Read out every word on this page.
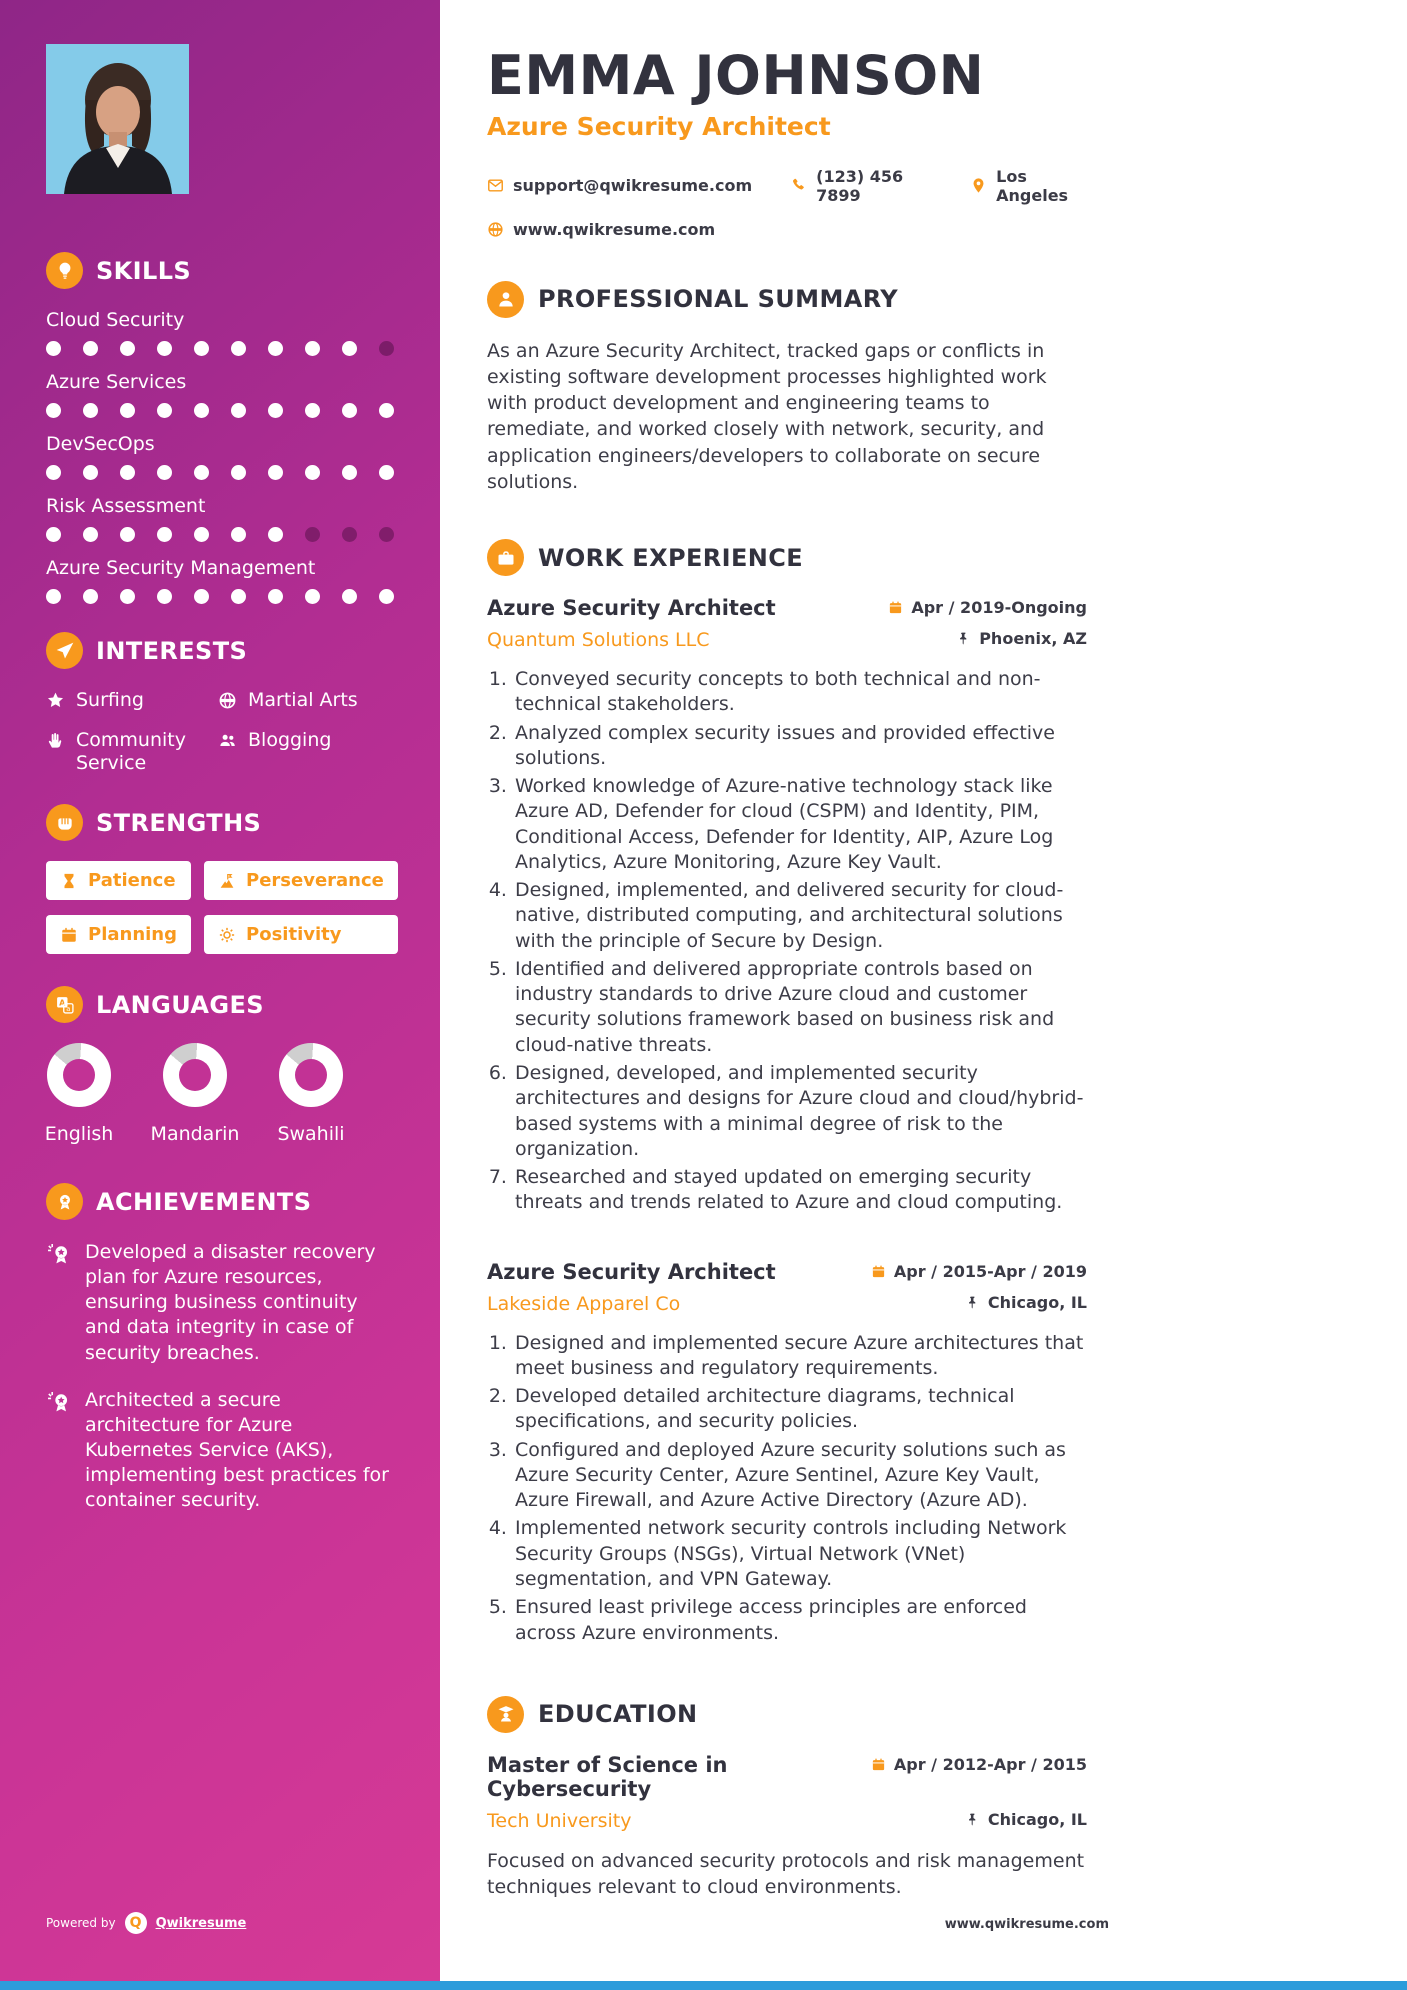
SKILLS
Cloud Security
Azure Services
DevSecOps
Risk Assessment
Azure Security Management
INTERESTS
Surfing	Martial Arts
Community Service
Blogging
STRENGTHS
Patience	Perseverance
Planning	Positivity
A
a LANGUAGES
English Mandarin Swahili
ACHIEVEMENTS
Developed a disaster recovery plan for Azure resources, ensuring business continuity and data integrity in case of security breaches.
Architected a secure architecture for Azure Kubernetes Service (AKS), implementing best practices for container security.
Powered by	Q	Qwikresume
EMMA JOHNSON
Azure Security Architect
support@qwikresume.com	(123) 456 7899
Los Angeles
www.qwikresume.com
PROFESSIONAL SUMMARY

As an Azure Security Architect, tracked gaps or conflicts in existing software development processes highlighted work with product development and engineering teams to remediate, and worked closely with network, security, and application engineers/developers to collaborate on secure solutions.

WORK EXPERIENCE
Azure Security Architect	Apr / 2019-Ongoing
Quantum Solutions LLC	Phoenix, AZ
1. Conveyed security concepts to both technical and non-technical stakeholders.
2. Analyzed complex security issues and provided effective solutions.
3. Worked knowledge of Azure-native technology stack like Azure AD, Defender for cloud (CSPM) and Identity, PIM, Conditional Access, Defender for Identity, AIP, Azure Log Analytics, Azure Monitoring, Azure Key Vault.
4. Designed, implemented, and delivered security for cloud-native, distributed computing, and architectural solutions with the principle of Secure by Design.
5. Identified and delivered appropriate controls based on industry standards to drive Azure cloud and customer security solutions framework based on business risk and cloud-native threats.
6. Designed, developed, and implemented security architectures and designs for Azure cloud and cloud/hybrid-based systems with a minimal degree of risk to the organization.
7. Researched and stayed updated on emerging security threats and trends related to Azure and cloud computing.
Azure Security Architect	Apr / 2015-Apr / 2019
Lakeside Apparel Co	Chicago, IL
1. Designed and implemented secure Azure architectures that meet business and regulatory requirements.
2. Developed detailed architecture diagrams, technical specifications, and security policies.
3. Configured and deployed Azure security solutions such as Azure Security Center, Azure Sentinel, Azure Key Vault, Azure Firewall, and Azure Active Directory (Azure AD).
4. Implemented network security controls including Network Security Groups (NSGs), Virtual Network (VNet) segmentation, and VPN Gateway.
5. Ensured least privilege access principles are enforced across Azure environments.
EDUCATION
Master of Science in Cybersecurity
Apr / 2012-Apr / 2015
Tech University	Chicago, IL

Focused on advanced security protocols and risk management techniques relevant to cloud environments.

www.qwikresume.com
